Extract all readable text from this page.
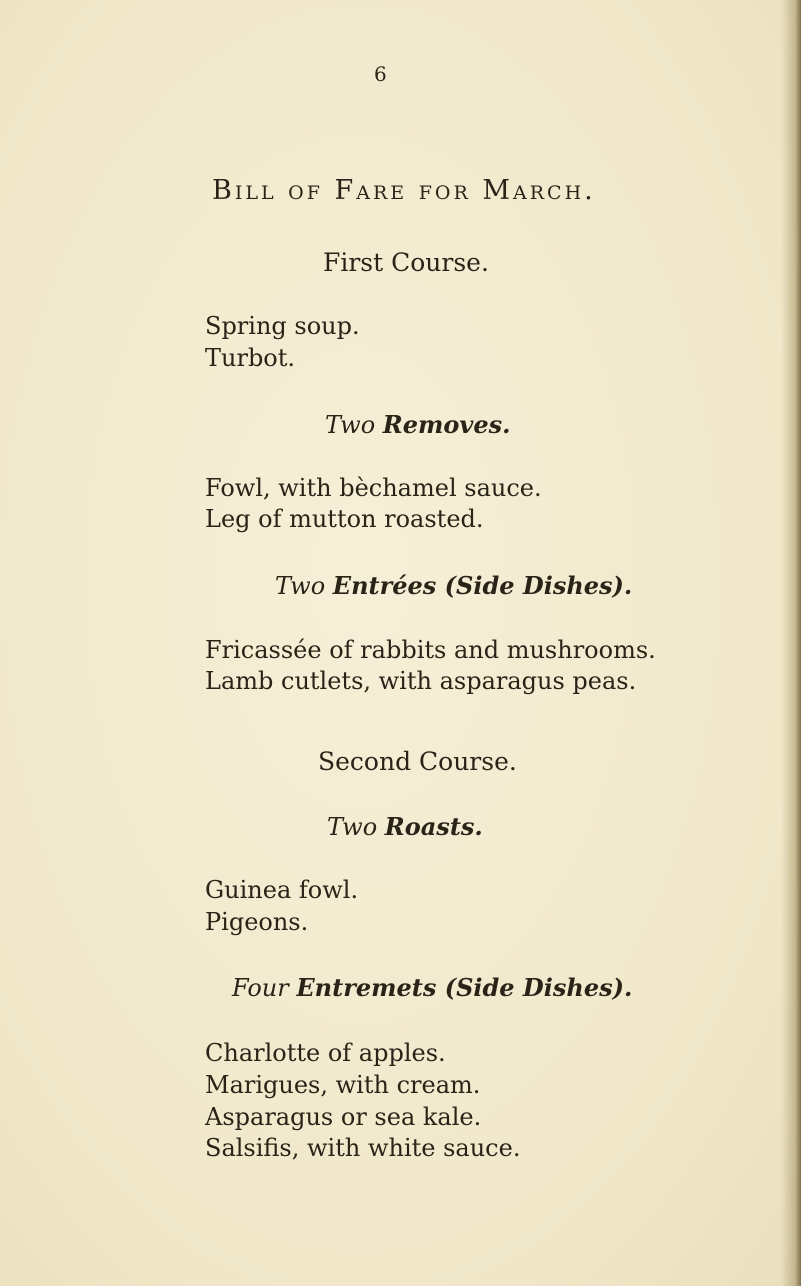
6
Bill of Fare for March.
First Course.
Spring soup.
Turbot.
Two Removes.
Fowl, with bèchamel sauce.
Leg of mutton roasted.
Two Entrées (Side Dishes).
Fricassée of rabbits and mushrooms.
Lamb cutlets, with asparagus peas.
Second Course.
Two Roasts.
Guinea fowl.
Pigeons.
Four Entremets (Side Dishes).
Charlotte of apples.
Marigues, with cream.
Asparagus or sea kale.
Salsifis, with white sauce.
